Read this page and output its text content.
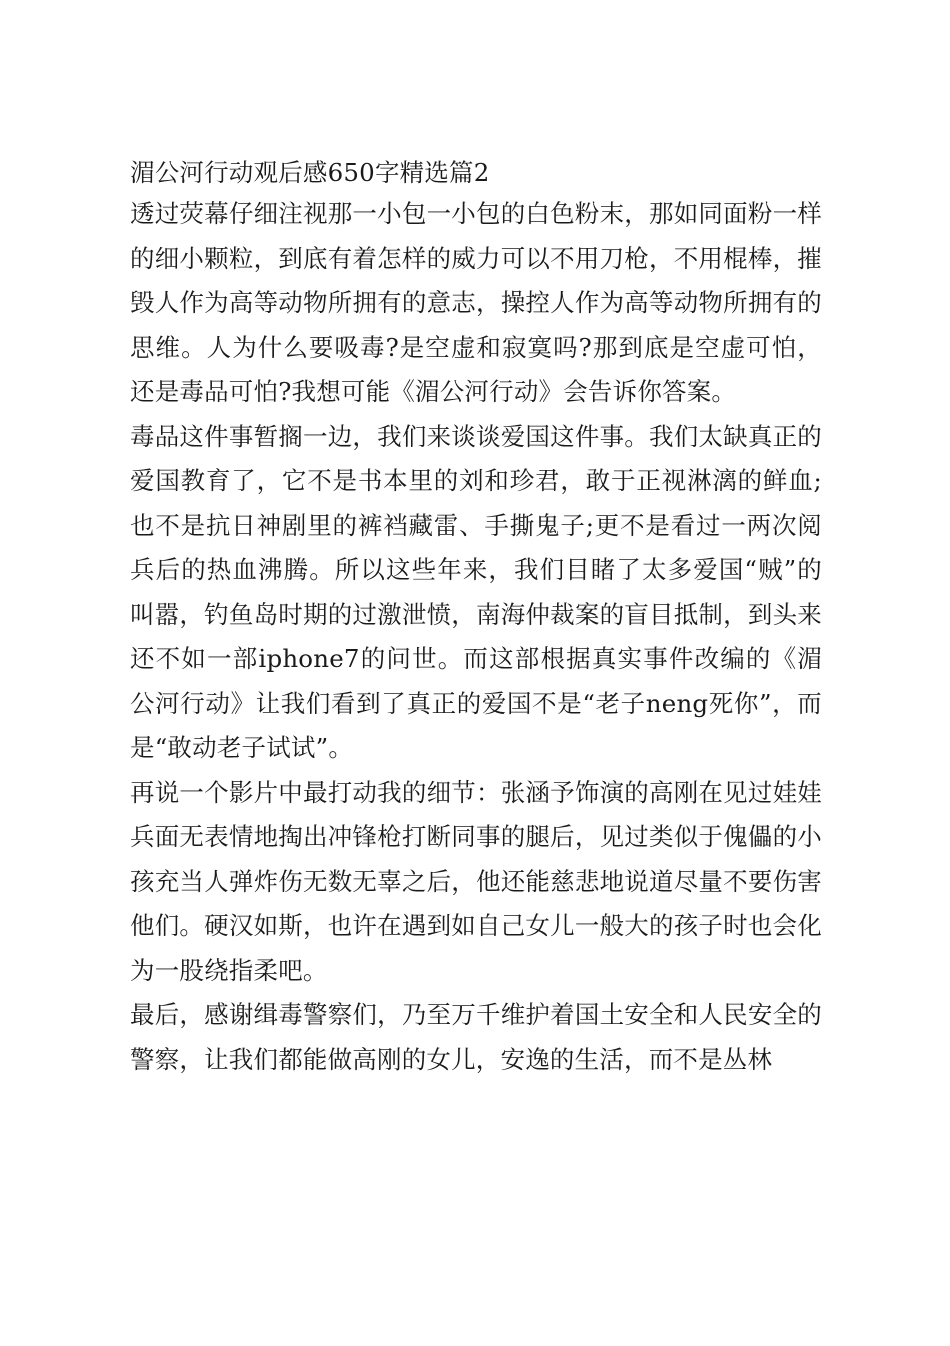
湄公河行动观后感650字精选篇2

透过荧幕仔细注视那一小包一小包的白色粉末，那如同面粉一样的细小颗粒，到底有着怎样的威力可以不用刀枪，不用棍棒，摧毁人作为高等动物所拥有的意志，操控人作为高等动物所拥有的思维。人为什么要吸毒?是空虚和寂寞吗?那到底是空虚可怕，还是毒品可怕?我想可能《湄公河行动》会告诉你答案。

毒品这件事暂搁一边，我们来谈谈爱国这件事。我们太缺真正的爱国教育了，它不是书本里的刘和珍君，敢于正视淋漓的鲜血;也不是抗日神剧里的裤裆藏雷、手撕鬼子;更不是看过一两次阅兵后的热血沸腾。所以这些年来，我们目睹了太多爱国“贼”的叫嚣，钓鱼岛时期的过激泄愤，南海仲裁案的盲目抵制，到头来还不如一部iphone7的问世。而这部根据真实事件改编的《湄公河行动》让我们看到了真正的爱国不是“老子neng死你”，而是“敢动老子试试”。

再说一个影片中最打动我的细节：张涵予饰演的高刚在见过娃娃兵面无表情地掏出冲锋枪打断同事的腿后，见过类似于傀儡的小孩充当人弹炸伤无数无辜之后，他还能慈悲地说道尽量不要伤害他们。硬汉如斯，也许在遇到如自己女儿一般大的孩子时也会化为一股绕指柔吧。

最后，感谢缉毒警察们，乃至万千维护着国土安全和人民安全的警察，让我们都能做高刚的女儿，安逸的生活，而不是丛林
